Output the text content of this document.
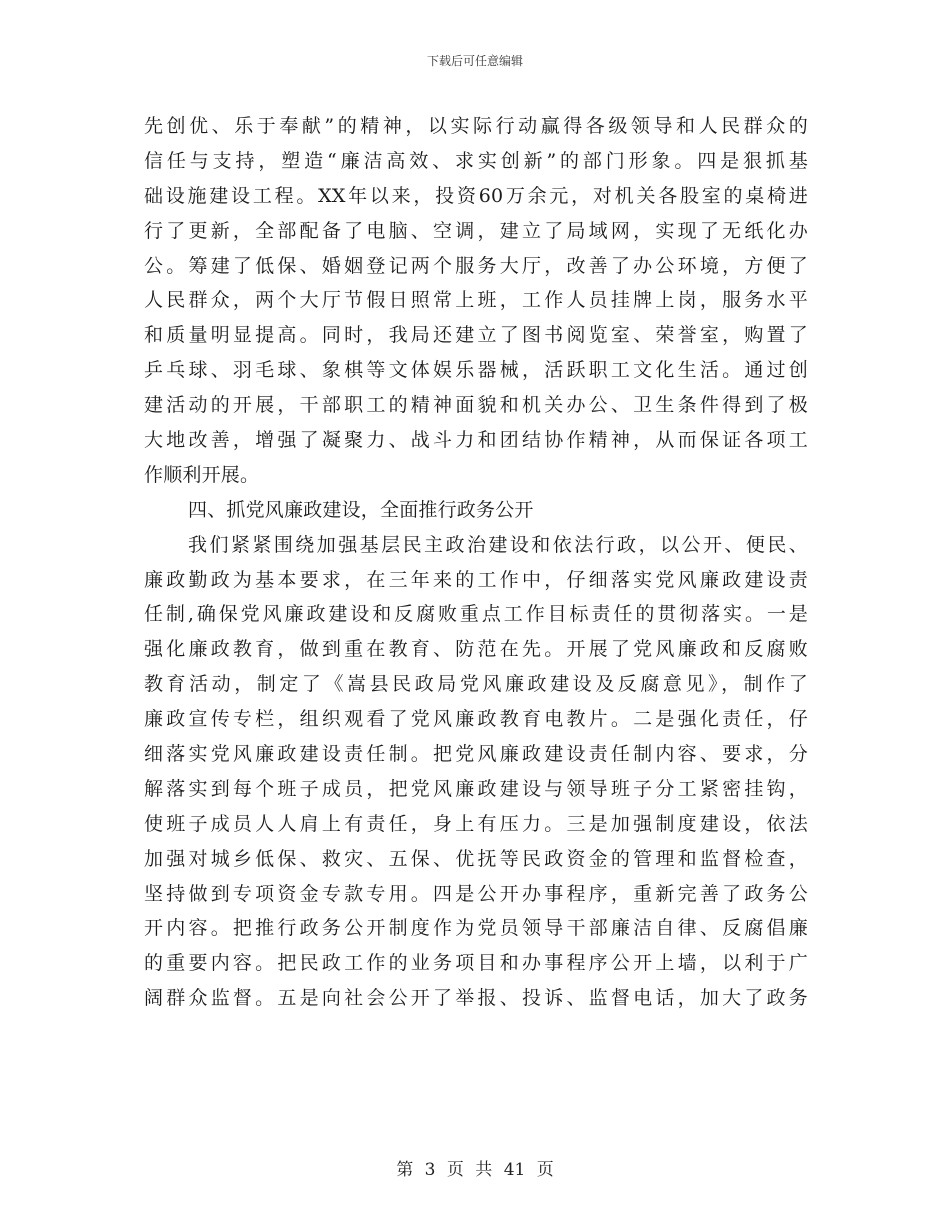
下载后可任意编辑
先创优、乐于奉献”的精神，以实际行动赢得各级领导和人民群众的
信任与支持，塑造“廉洁高效、求实创新”的部门形象。四是狠抓基
础设施建设工程。XX年以来，投资60万余元，对机关各股室的桌椅进
行了更新，全部配备了电脑、空调，建立了局域网，实现了无纸化办
公。筹建了低保、婚姻登记两个服务大厅，改善了办公环境，方便了
人民群众，两个大厅节假日照常上班，工作人员挂牌上岗，服务水平
和质量明显提高。同时，我局还建立了图书阅览室、荣誉室，购置了
乒乓球、羽毛球、象棋等文体娱乐器械，活跃职工文化生活。通过创
建活动的开展，干部职工的精神面貌和机关办公、卫生条件得到了极
大地改善，增强了凝聚力、战斗力和团结协作精神，从而保证各项工
作顺利开展。
四、抓党风廉政建设，全面推行政务公开
我们紧紧围绕加强基层民主政治建设和依法行政，以公开、便民、
廉政勤政为基本要求，在三年来的工作中，仔细落实党风廉政建设责
任制,确保党风廉政建设和反腐败重点工作目标责任的贯彻落实。一是
强化廉政教育，做到重在教育、防范在先。开展了党风廉政和反腐败
教育活动，制定了《嵩县民政局党风廉政建设及反腐意见》，制作了
廉政宣传专栏，组织观看了党风廉政教育电教片。二是强化责任，仔
细落实党风廉政建设责任制。把党风廉政建设责任制内容、要求，分
解落实到每个班子成员，把党风廉政建设与领导班子分工紧密挂钩，
使班子成员人人肩上有责任，身上有压力。三是加强制度建设，依法
加强对城乡低保、救灾、五保、优抚等民政资金的管理和监督检查，
坚持做到专项资金专款专用。四是公开办事程序，重新完善了政务公
开内容。把推行政务公开制度作为党员领导干部廉洁自律、反腐倡廉
的重要内容。把民政工作的业务项目和办事程序公开上墙，以利于广
阔群众监督。五是向社会公开了举报、投诉、监督电话，加大了政务
第 3 页 共 41 页
